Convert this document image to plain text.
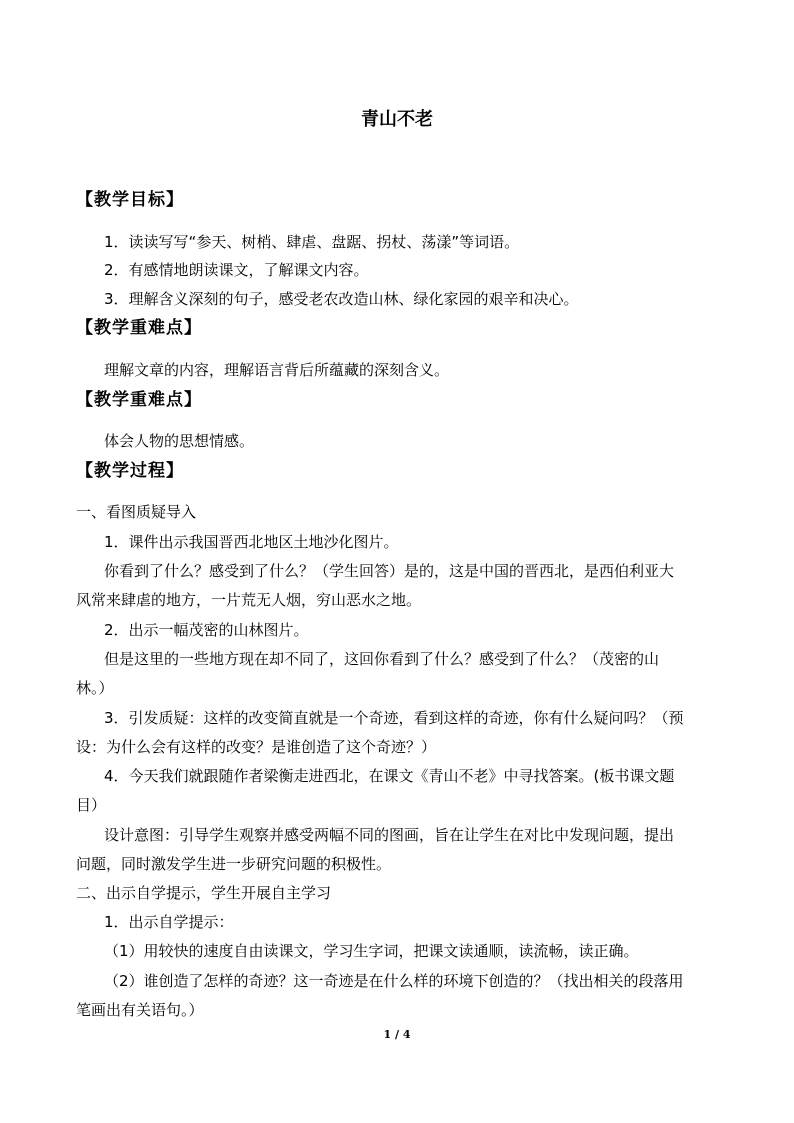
青山不老
【教学目标】
1．读读写写“参天、树梢、肆虐、盘踞、拐杖、荡漾”等词语。
2．有感情地朗读课文，了解课文内容。
3．理解含义深刻的句子，感受老农改造山林、绿化家园的艰辛和决心。
【教学重难点】
理解文章的内容，理解语言背后所蕴藏的深刻含义。
【教学重难点】
体会人物的思想情感。
【教学过程】
一、看图质疑导入
1．课件出示我国晋西北地区土地沙化图片。
你看到了什么？感受到了什么？（学生回答）是的，这是中国的晋西北，是西伯利亚大
风常来肆虐的地方，一片荒无人烟，穷山恶水之地。
2．出示一幅茂密的山林图片。
但是这里的一些地方现在却不同了，这回你看到了什么？感受到了什么？（茂密的山
林。）
3．引发质疑：这样的改变简直就是一个奇迹，看到这样的奇迹，你有什么疑问吗？（预
设：为什么会有这样的改变？是谁创造了这个奇迹？）
4．今天我们就跟随作者梁衡走进西北，在课文《青山不老》中寻找答案。(板书课文题
目）
设计意图：引导学生观察并感受两幅不同的图画，旨在让学生在对比中发现问题，提出
问题，同时激发学生进一步研究问题的积极性。
二、出示自学提示，学生开展自主学习
1．出示自学提示：
（1）用较快的速度自由读课文，学习生字词，把课文读通顺，读流畅，读正确。
（2）谁创造了怎样的奇迹？这一奇迹是在什么样的环境下创造的？（找出相关的段落用
笔画出有关语句。）
1 / 4
